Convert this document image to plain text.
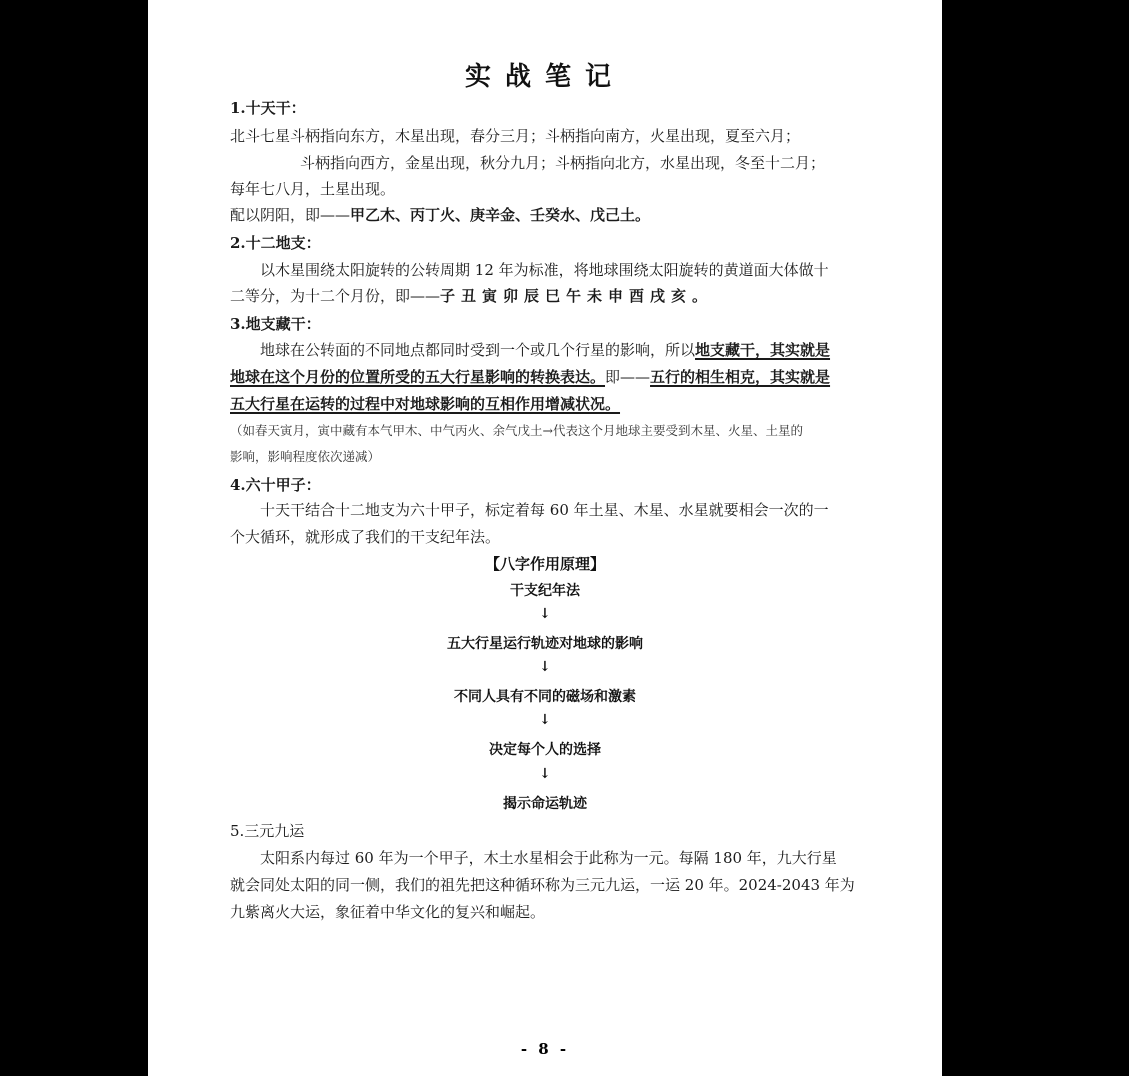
实战笔记
1.十天干：
北斗七星斗柄指向东方，木星出现，春分三月；斗柄指向南方，火星出现，夏至六月；
斗柄指向西方，金星出现，秋分九月；斗柄指向北方，水星出现，冬至十二月；
每年七八月，土星出现。
配以阴阳，即——甲乙木、丙丁火、庚辛金、壬癸水、戊己土。
2.十二地支：
以木星围绕太阳旋转的公转周期 12 年为标准，将地球围绕太阳旋转的黄道面大体做十
二等分，为十二个月份，即——子丑寅卯辰巳午未申酉戌亥。
3.地支藏干：
地球在公转面的不同地点都同时受到一个或几个行星的影响，所以地支藏干，其实就是
地球在这个月份的位置所受的五大行星影响的转换表达。即——五行的相生相克，其实就是
五大行星在运转的过程中对地球影响的互相作用增减状况。
（如春天寅月，寅中藏有本气甲木、中气丙火、余气戊土→代表这个月地球主要受到木星、火星、土星的
影响，影响程度依次递减）
4.六十甲子：
十天干结合十二地支为六十甲子，标定着每 60 年土星、木星、水星就要相会一次的一
个大循环，就形成了我们的干支纪年法。
【八字作用原理】
干支纪年法
↓
五大行星运行轨迹对地球的影响
↓
不同人具有不同的磁场和激素
↓
决定每个人的选择
↓
揭示命运轨迹
5.三元九运
太阳系内每过 60 年为一个甲子，木土水星相会于此称为一元。每隔 180 年，九大行星
就会同处太阳的同一侧，我们的祖先把这种循环称为三元九运，一运 20 年。2024-2043 年为
九紫离火大运，象征着中华文化的复兴和崛起。
- 8 -
